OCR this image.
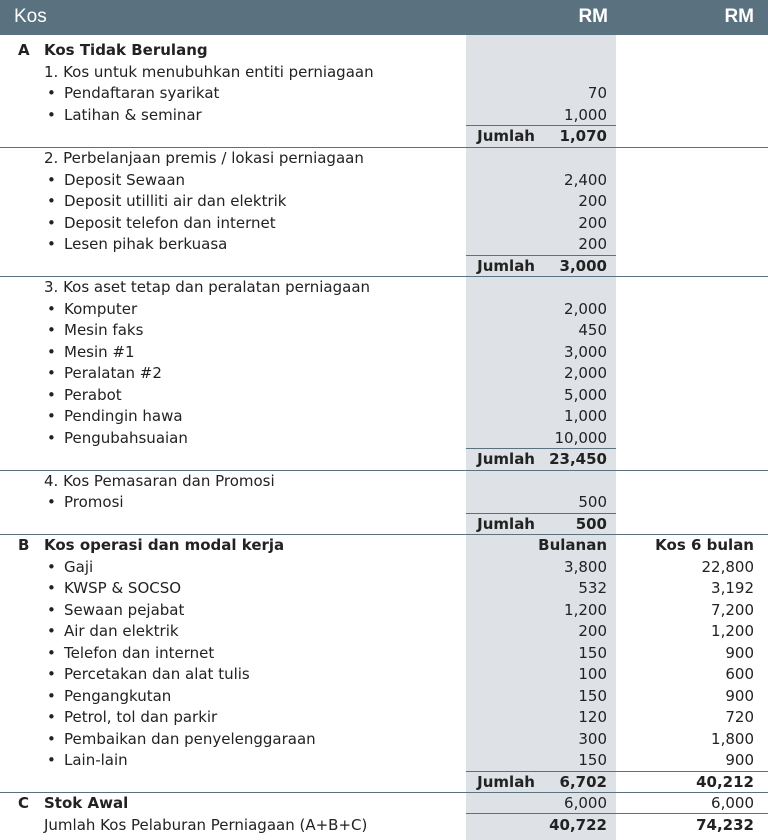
Kos	RM	RM
A Kos Tidak Berulang
1. Kos untuk menubuhkan entiti perniagaan
• Pendaftaran syarikat	70
• Latihan & seminar	1,000
Jumlah 1,070
2. Perbelanjaan premis / lokasi perniagaan
• Deposit Sewaan	2,400
• Deposit utilliti air dan elektrik	200
• Deposit telefon dan internet	200
• Lesen pihak berkuasa	200
Jumlah 3,000
3. Kos aset tetap dan peralatan perniagaan
• Komputer	2,000
• Mesin faks	450
• Mesin #1	3,000
• Peralatan #2	2,000
• Perabot	5,000
• Pendingin hawa	1,000
• Pengubahsuaian	10,000
Jumlah 23,450
4. Kos Pemasaran dan Promosi
• Promosi	500
Jumlah	500
B Kos operasi dan modal kerja	Bulanan	Kos 6 bulan
• Gaji	3,800	22,800
• KWSP & SOCSO	532	3,192
• Sewaan pejabat	1,200	7,200
• Air dan elektrik	200	1,200
• Telefon dan internet	150	900
• Percetakan dan alat tulis	100	600
• Pengangkutan	150	900
• Petrol, tol dan parkir	120	720
• Pembaikan dan penyelenggaraan	300	1,800
• Lain-lain	150	900
Jumlah 6,702	40,212
C Stok Awal	6,000	6,000
Jumlah Kos Pelaburan Perniagaan (A+B+C)	40,722	74,232
